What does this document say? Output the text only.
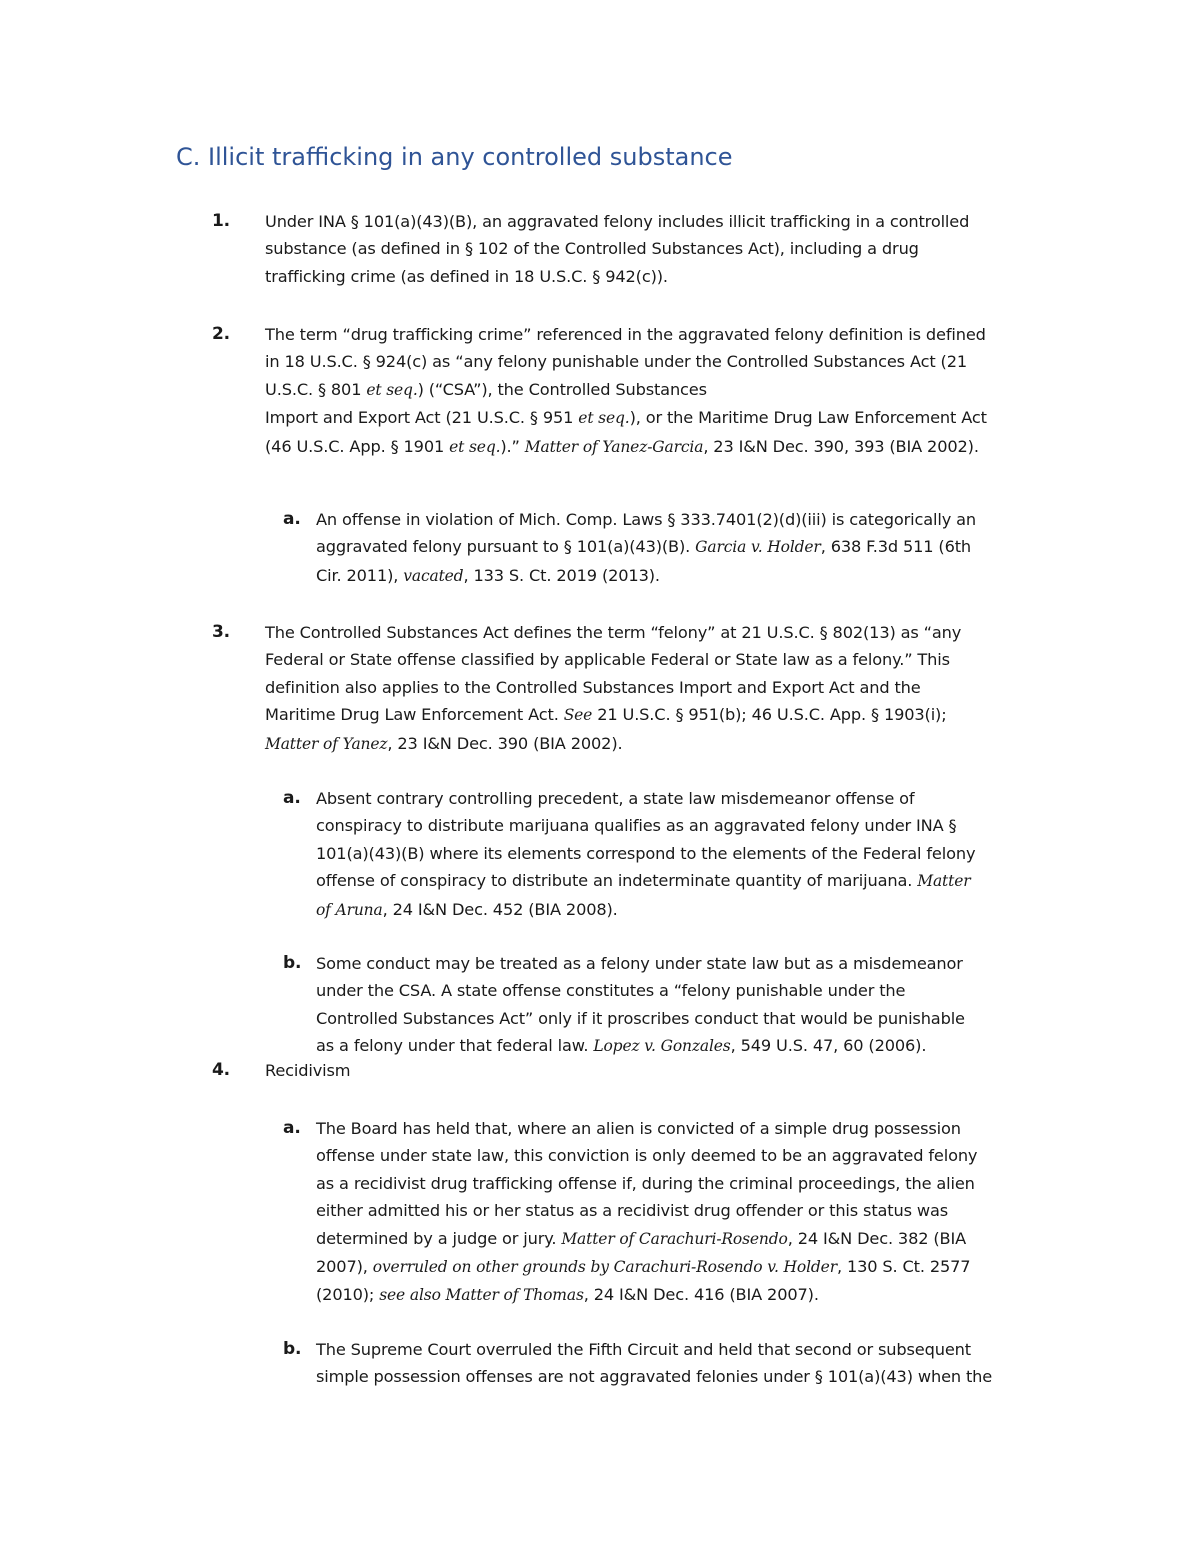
C. Illicit trafficking in any controlled substance
1. Under INA § 101(a)(43)(B), an aggravated felony includes illicit trafficking in a controlled
substance (as defined in § 102 of the Controlled Substances Act), including a drug
trafficking crime (as defined in 18 U.S.C. § 942(c)).
2. The term “drug trafficking crime” referenced in the aggravated felony definition is defined
in 18 U.S.C. § 924(c) as “any felony punishable under the Controlled Substances Act (21
U.S.C. § 801 et seq.) (“CSA”), the Controlled Substances
Import and Export Act (21 U.S.C. § 951 et seq.), or the Maritime Drug Law Enforcement Act
(46 U.S.C. App. § 1901 et seq.).” Matter of Yanez-Garcia, 23 I&N Dec. 390, 393 (BIA 2002).
a. An offense in violation of Mich. Comp. Laws § 333.7401(2)(d)(iii) is categorically an
aggravated felony pursuant to § 101(a)(43)(B). Garcia v. Holder, 638 F.3d 511 (6th
Cir. 2011), vacated, 133 S. Ct. 2019 (2013).
3. The Controlled Substances Act defines the term “felony” at 21 U.S.C. § 802(13) as “any
Federal or State offense classified by applicable Federal or State law as a felony.” This
definition also applies to the Controlled Substances Import and Export Act and the
Maritime Drug Law Enforcement Act. See 21 U.S.C. § 951(b); 46 U.S.C. App. § 1903(i);
Matter of Yanez, 23 I&N Dec. 390 (BIA 2002).
a. Absent contrary controlling precedent, a state law misdemeanor offense of
conspiracy to distribute marijuana qualifies as an aggravated felony under INA §
101(a)(43)(B) where its elements correspond to the elements of the Federal felony
offense of conspiracy to distribute an indeterminate quantity of marijuana. Matter
of Aruna, 24 I&N Dec. 452 (BIA 2008).
b. Some conduct may be treated as a felony under state law but as a misdemeanor
under the CSA. A state offense constitutes a “felony punishable under the
Controlled Substances Act” only if it proscribes conduct that would be punishable
as a felony under that federal law. Lopez v. Gonzales, 549 U.S. 47, 60 (2006).
4. Recidivism
a. The Board has held that, where an alien is convicted of a simple drug possession
offense under state law, this conviction is only deemed to be an aggravated felony
as a recidivist drug trafficking offense if, during the criminal proceedings, the alien
either admitted his or her status as a recidivist drug offender or this status was
determined by a judge or jury. Matter of Carachuri-Rosendo, 24 I&N Dec. 382 (BIA
2007), overruled on other grounds by Carachuri-Rosendo v. Holder, 130 S. Ct. 2577
(2010); see also Matter of Thomas, 24 I&N Dec. 416 (BIA 2007).
b. The Supreme Court overruled the Fifth Circuit and held that second or subsequent
simple possession offenses are not aggravated felonies under § 101(a)(43) when the
